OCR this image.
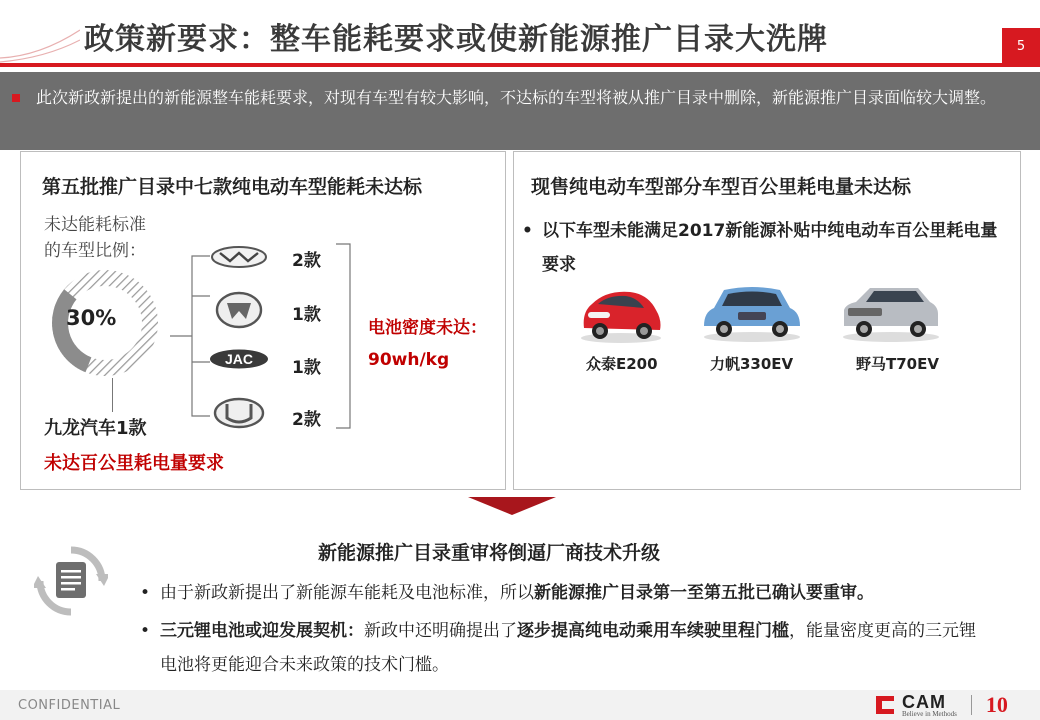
政策新要求：整车能耗要求或使新能源推广目录大洗牌	5
此次新政新提出的新能源整车能耗要求，对现有车型有较大影响，不达标的车型将被从推广目录中删除，新能源推广目录面临较大调整。
第五批推广目录中七款纯电动车型能耗未达标
未达能耗标准
的车型比例：
30%
2款
1款
JAC 1款
2款
电池密度未达：
90wh/kg
九龙汽车1款
未达百公里耗电量要求
现售纯电动车型部分车型百公里耗电量未达标
• 以下车型未能满足2017新能源补贴中纯电动车百公里耗电量要求
众泰E200	力帆330EV	野马T70EV
新能源推广目录重审将倒逼厂商技术升级
• 由于新政新提出了新能源车能耗及电池标准，所以新能源推广目录第一至第五批已确认要重审。
• 三元锂电池或迎发展契机：新政中还明确提出了逐步提高纯电动乘用车续驶里程门槛，能量密度更高的三元锂电池将更能迎合未来政策的技术门槛。
CONFIDENTIAL	CAM
Believe in Methods 10
